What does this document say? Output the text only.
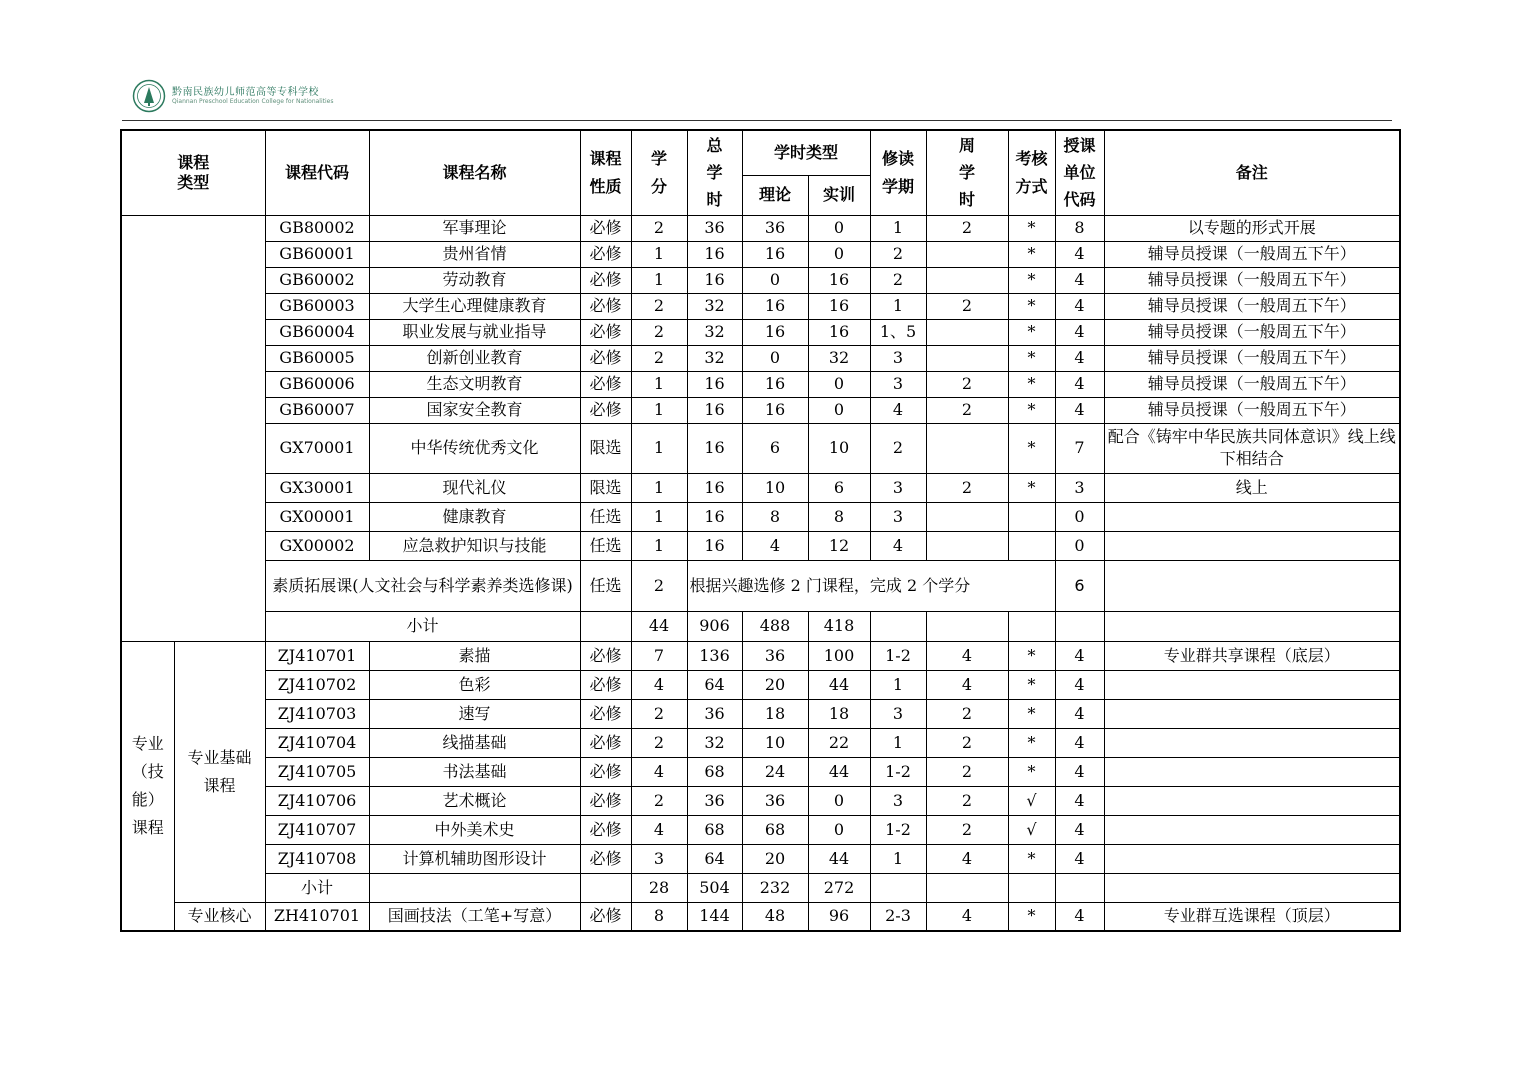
黔南民族幼儿师范高等专科学校
Qiannan Preschool Education College for Nationalities
课程类型		课程代码	课程名称	课程性质	学分	总学时	学时类型		修读学期	周学时	考核方式	授课单位代码	备注
							理论	实训					
		GB80002	军事理论	必修	2	36	36	0	1	2	*	8	以专题的形式开展
		GB60001	贵州省情	必修	1	16	16	0	2		*	4	辅导员授课（一般周五下午）
		GB60002	劳动教育	必修	1	16	0	16	2		*	4	辅导员授课（一般周五下午）
		GB60003	大学生心理健康教育	必修	2	32	16	16	1	2	*	4	辅导员授课（一般周五下午）
		GB60004	职业发展与就业指导	必修	2	32	16	16	1、5		*	4	辅导员授课（一般周五下午）
		GB60005	创新创业教育	必修	2	32	0	32	3		*	4	辅导员授课（一般周五下午）
		GB60006	生态文明教育	必修	1	16	16	0	3	2	*	4	辅导员授课（一般周五下午）
		GB60007	国家安全教育	必修	1	16	16	0	4	2	*	4	辅导员授课（一般周五下午）
		GX70001	中华传统优秀文化	限选	1	16	6	10	2		*	7	配合《铸牢中华民族共同体意识》线上线下相结合
		GX30001	现代礼仪	限选	1	16	10	6	3	2	*	3	线上
		GX00001	健康教育	任选	1	16	8	8	3			0	
		GX00002	应急救护知识与技能	任选	1	16	4	12	4			0	
		素质拓展课(人文社会与科学素养类选修课)		任选	2	根据兴趣选修 2 门课程，完成 2 个学分						6	
		小计			44	906	488	418					

专业（技能）课程	专业基础课程	ZJ410701	素描	必修	7	136	36	100	1-2	4	*	4	专业群共享课程（底层）
		ZJ410702	色彩	必修	4	64	20	44	1	4	*	4	
		ZJ410703	速写	必修	2	36	18	18	3	2	*	4	
		ZJ410704	线描基础	必修	2	32	10	22	1	2	*	4	
		ZJ410705	书法基础	必修	4	68	24	44	1-2	2	*	4	
		ZJ410706	艺术概论	必修	2	36	36	0	3	2	√	4	
		ZJ410707	中外美术史	必修	4	68	68	0	1-2	2	√	4	
		ZJ410708	计算机辅助图形设计	必修	3	64	20	44	1	4	*	4	
		小计			28	504	232	272					
	专业核心	ZH410701	国画技法（工笔+写意）	必修	8	144	48	96	2-3	4	*	4	专业群互选课程（顶层）
